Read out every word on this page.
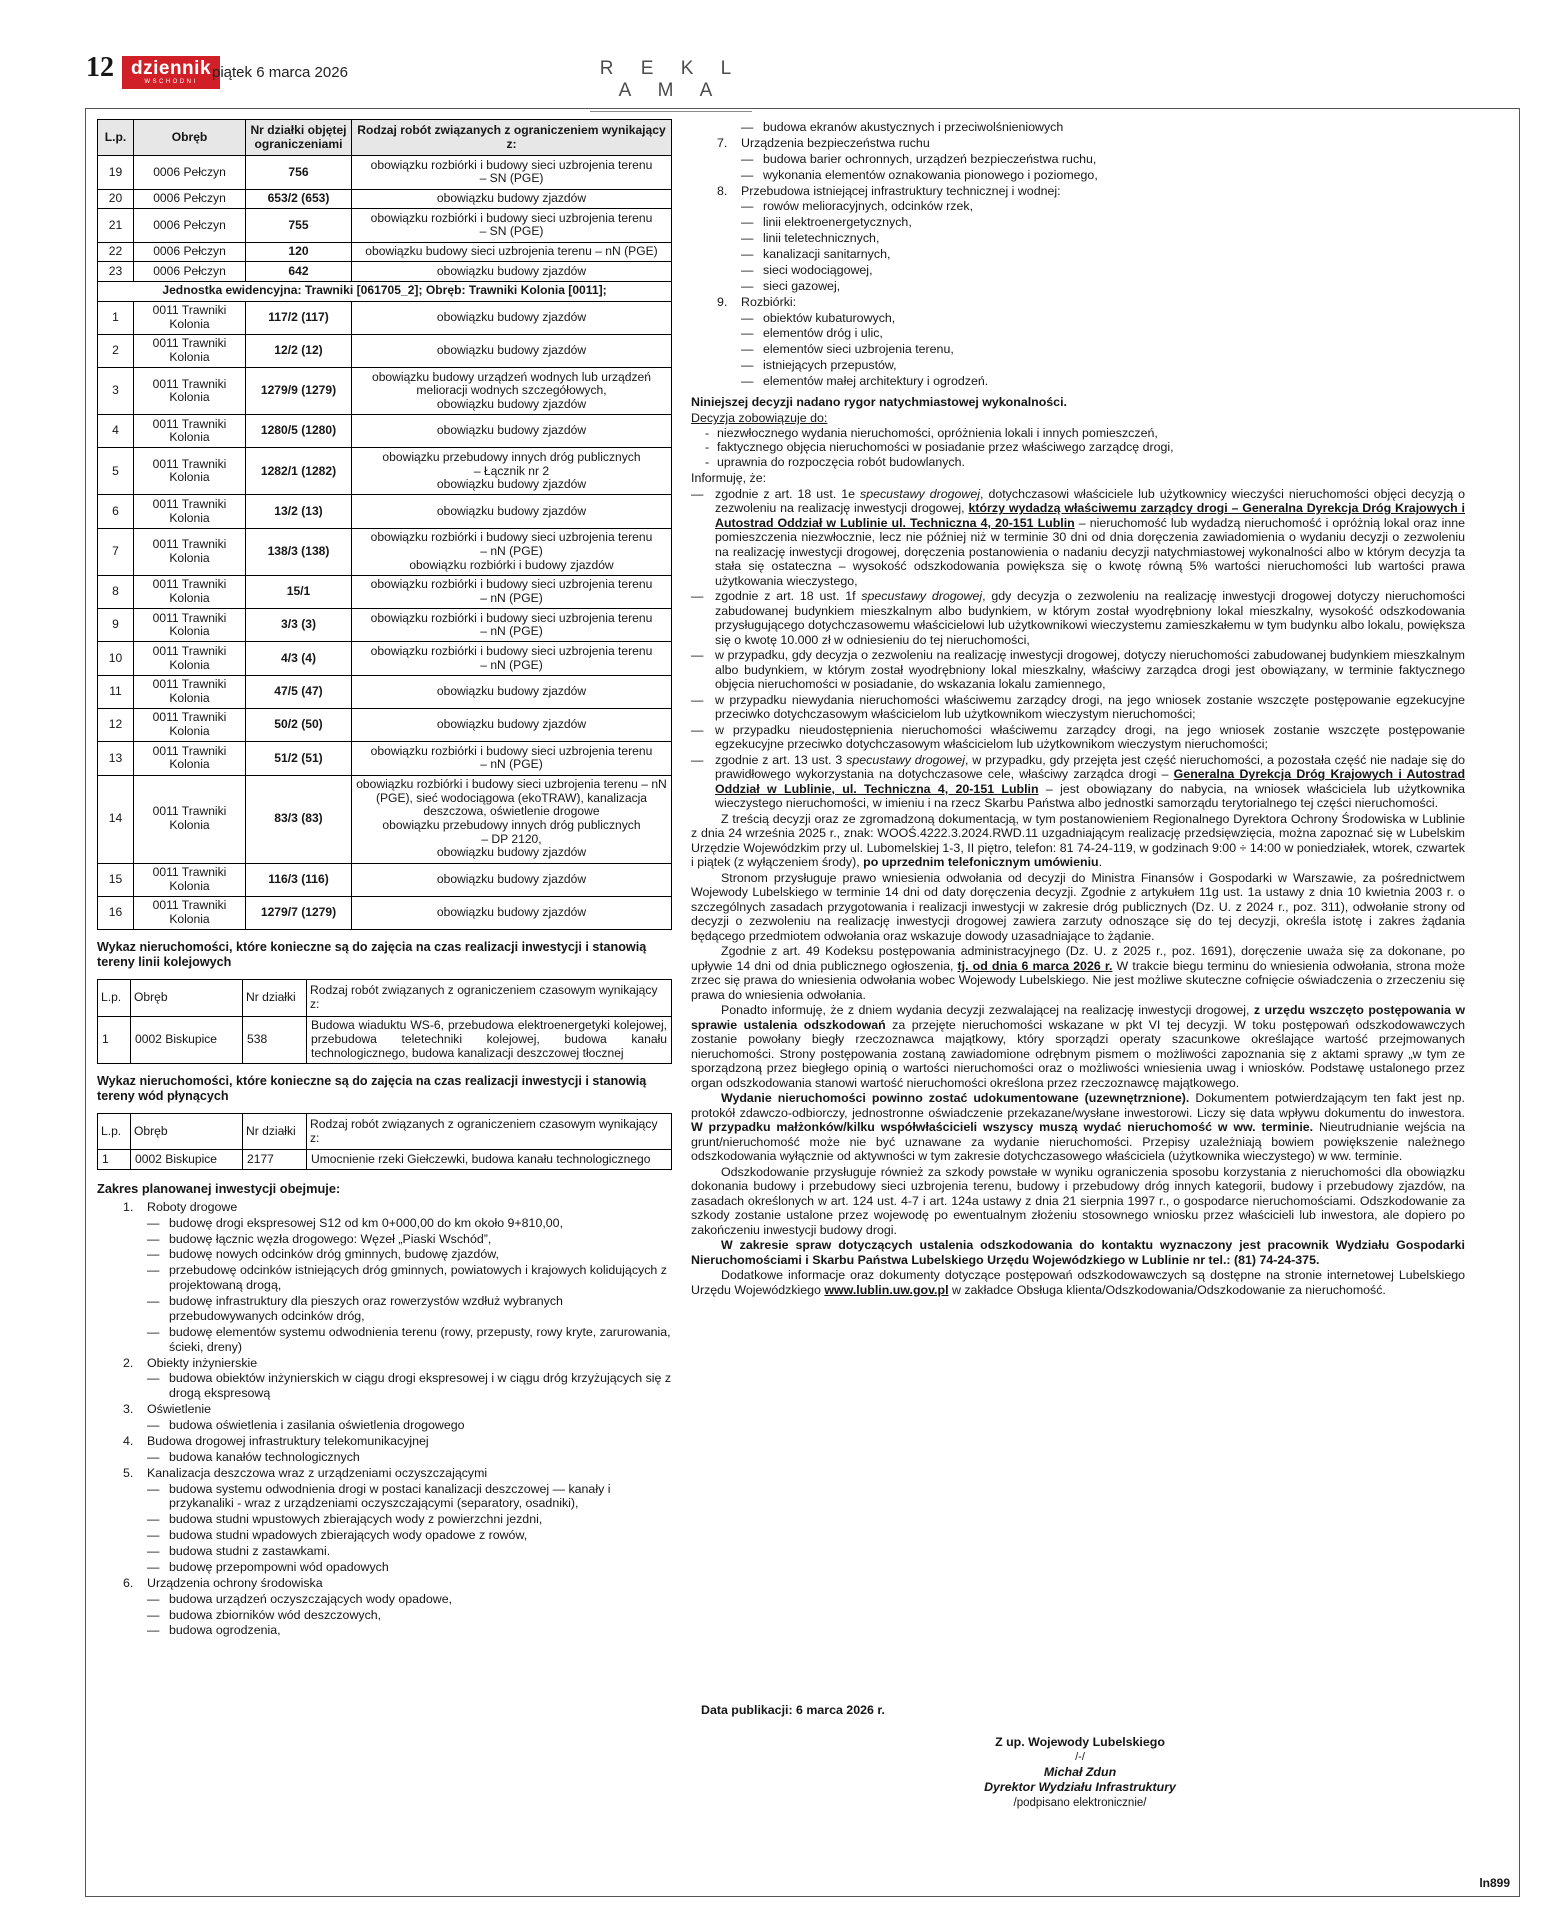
12 dziennik
WSCHODNI
piątek 6 marca 2026	R E K L A M A
L.p.	Obręb	Nr działki objętej ograniczeniami	Rodzaj robót związanych z ograniczeniem wynikający z:
19	0006 Pełczyn	756	obowiązku rozbiórki i budowy sieci uzbrojenia terenu
– SN (PGE)
20	0006 Pełczyn	653/2 (653)	obowiązku budowy zjazdów
21	0006 Pełczyn	755	obowiązku rozbiórki i budowy sieci uzbrojenia terenu
– SN (PGE)
22	0006 Pełczyn	120	obowiązku budowy sieci uzbrojenia terenu – nN (PGE)
23	0006 Pełczyn	642	obowiązku budowy zjazdów
Jednostka ewidencyjna: Trawniki [061705_2]; Obręb: Trawniki Kolonia [0011];			
1	0011 Trawniki Kolonia	117/2 (117)	obowiązku budowy zjazdów
2	0011 Trawniki Kolonia	12/2 (12)	obowiązku budowy zjazdów
3	0011 Trawniki Kolonia	1279/9 (1279)	obowiązku budowy urządzeń wodnych lub urządzeń melioracji wodnych szczegółowych,
obowiązku budowy zjazdów
4	0011 Trawniki Kolonia	1280/5 (1280)	obowiązku budowy zjazdów
5	0011 Trawniki Kolonia	1282/1 (1282)	obowiązku przebudowy innych dróg publicznych
– Łącznik nr 2
obowiązku budowy zjazdów
6	0011 Trawniki Kolonia	13/2 (13)	obowiązku budowy zjazdów
7	0011 Trawniki Kolonia	138/3 (138)	obowiązku rozbiórki i budowy sieci uzbrojenia terenu
– nN (PGE)
obowiązku rozbiórki i budowy zjazdów
8	0011 Trawniki Kolonia	15/1	obowiązku rozbiórki i budowy sieci uzbrojenia terenu
– nN (PGE)
9	0011 Trawniki Kolonia	3/3 (3)	obowiązku rozbiórki i budowy sieci uzbrojenia terenu
– nN (PGE)
10	0011 Trawniki Kolonia	4/3 (4)	obowiązku rozbiórki i budowy sieci uzbrojenia terenu
– nN (PGE)
11	0011 Trawniki Kolonia	47/5 (47)	obowiązku budowy zjazdów
12	0011 Trawniki Kolonia	50/2 (50)	obowiązku budowy zjazdów
13	0011 Trawniki Kolonia	51/2 (51)	obowiązku rozbiórki i budowy sieci uzbrojenia terenu
– nN (PGE)
14	0011 Trawniki Kolonia	83/3 (83)	obowiązku rozbiórki i budowy sieci uzbrojenia terenu – nN (PGE), sieć wodociągowa (ekoTRAW), kanalizacja deszczowa, oświetlenie drogowe
obowiązku przebudowy innych dróg publicznych
– DP 2120,
obowiązku budowy zjazdów
15	0011 Trawniki Kolonia	116/3 (116)	obowiązku budowy zjazdów
16	0011 Trawniki Kolonia	1279/7 (1279)	obowiązku budowy zjazdów
Wykaz nieruchomości, które konieczne są do zajęcia na czas realizacji inwestycji i stanowią tereny linii kolejowych
L.p.	Obręb	Nr działki	Rodzaj robót związanych z ograniczeniem czasowym wynikający z:
1	0002 Biskupice	538	Budowa wiaduktu WS-6, przebudowa elektroenergetyki kolejowej, przebudowa teletechniki kolejowej, budowa kanału technologicznego, budowa kanalizacji deszczowej tłocznej
Wykaz nieruchomości, które konieczne są do zajęcia na czas realizacji inwestycji i stanowią tereny wód płynących
L.p.	Obręb	Nr działki	Rodzaj robót związanych z ograniczeniem czasowym wynikający z:
1	0002 Biskupice	2177	Umocnienie rzeki Giełczewki, budowa kanału technologicznego
Zakres planowanej inwestycji obejmuje:
1.	Roboty drogowe
— budowę drogi ekspresowej S12 od km 0+000,00 do km około 9+810,00,
— budowę łącznic węzła drogowego: Węzeł „Piaski Wschód”,
— budowę nowych odcinków dróg gminnych, budowę zjazdów,
— przebudowę odcinków istniejących dróg gminnych, powiatowych i krajowych kolidujących z projektowaną drogą,
— budowę infrastruktury dla pieszych oraz rowerzystów wzdłuż wybranych przebudowywanych odcinków dróg,
— budowę elementów systemu odwodnienia terenu (rowy, przepusty, rowy kryte, zarurowania, ścieki, dreny)
2.	Obiekty inżynierskie
— budowa obiektów inżynierskich w ciągu drogi ekspresowej i w ciągu dróg krzyżujących się z drogą ekspresową
3.	Oświetlenie
— budowa oświetlenia i zasilania oświetlenia drogowego
4.	Budowa drogowej infrastruktury telekomunikacyjnej
— budowa kanałów technologicznych
5.	Kanalizacja deszczowa wraz z urządzeniami oczyszczającymi
— budowa systemu odwodnienia drogi w postaci kanalizacji deszczowej — kanały i przykanaliki - wraz z urządzeniami oczyszczającymi (separatory, osadniki),
— budowa studni wpustowych zbierających wody z powierzchni jezdni,
— budowa studni wpadowych zbierających wody opadowe z rowów,
— budowa studni z zastawkami.
— budowę przepompowni wód opadowych
6.	Urządzenia ochrony środowiska
— budowa urządzeń oczyszczających wody opadowe,
— budowa zbiorników wód deszczowych,
— budowa ogrodzenia,
— budowa ekranów akustycznych i przeciwolśnieniowych
7.	Urządzenia bezpieczeństwa ruchu
— budowa barier ochronnych, urządzeń bezpieczeństwa ruchu,
— wykonania elementów oznakowania pionowego i poziomego,
8.	Przebudowa istniejącej infrastruktury technicznej i wodnej:
— rowów melioracyjnych, odcinków rzek,
— linii elektroenergetycznych,
— linii teletechnicznych,
— kanalizacji sanitarnych,
— sieci wodociągowej,
— sieci gazowej,
9.	Rozbiórki:
— obiektów kubaturowych,
— elementów dróg i ulic,
— elementów sieci uzbrojenia terenu,
— istniejących przepustów,
— elementów małej architektury i ogrodzeń.

Niniejszej decyzji nadano rygor natychmiastowej wykonalności.

Decyzja zobowiązuje do:

- niezwłocznego wydania nieruchomości, opróżnienia lokali i innych pomieszczeń,
- faktycznego objęcia nieruchomości w posiadanie przez właściwego zarządcę drogi,
- uprawnia do rozpoczęcia robót budowlanych.

Informuję, że:

— zgodnie z art. 18 ust. 1e specustawy drogowej, dotychczasowi właściciele lub użytkownicy wieczyści nieruchomości objęci decyzją o zezwoleniu na realizację inwestycji drogowej, którzy wydadzą właściwemu zarządcy drogi – Generalna Dyrekcja Dróg Krajowych i Autostrad Oddział w Lublinie ul. Techniczna 4, 20-151 Lublin – nieruchomość lub wydadzą nieruchomość i opróżnią lokal oraz inne pomieszczenia niezwłocznie, lecz nie później niż w terminie 30 dni od dnia doręczenia zawiadomienia o wydaniu decyzji o zezwoleniu na realizację inwestycji drogowej, doręczenia postanowienia o nadaniu decyzji natychmiastowej wykonalności albo w którym decyzja ta stała się ostateczna – wysokość odszkodowania powiększa się o kwotę równą 5% wartości nieruchomości lub wartości prawa użytkowania wieczystego,
— zgodnie z art. 18 ust. 1f specustawy drogowej, gdy decyzja o zezwoleniu na realizację inwestycji drogowej dotyczy nieruchomości zabudowanej budynkiem mieszkalnym albo budynkiem, w którym został wyodrębniony lokal mieszkalny, wysokość odszkodowania przysługującego dotychczasowemu właścicielowi lub użytkownikowi wieczystemu zamieszkałemu w tym budynku albo lokalu, powiększa się o kwotę 10.000 zł w odniesieniu do tej nieruchomości,
— w przypadku, gdy decyzja o zezwoleniu na realizację inwestycji drogowej, dotyczy nieruchomości zabudowanej budynkiem mieszkalnym albo budynkiem, w którym został wyodrębniony lokal mieszkalny, właściwy zarządca drogi jest obowiązany, w terminie faktycznego objęcia nieruchomości w posiadanie, do wskazania lokalu zamiennego,
— w przypadku niewydania nieruchomości właściwemu zarządcy drogi, na jego wniosek zostanie wszczęte postępowanie egzekucyjne przeciwko dotychczasowym właścicielom lub użytkownikom wieczystym nieruchomości;
— w przypadku nieudostępnienia nieruchomości właściwemu zarządcy drogi, na jego wniosek zostanie wszczęte postępowanie egzekucyjne przeciwko dotychczasowym właścicielom lub użytkownikom wieczystym nieruchomości;
— zgodnie z art. 13 ust. 3 specustawy drogowej, w przypadku, gdy przejęta jest część nieruchomości, a pozostała część nie nadaje się do prawidłowego wykorzystania na dotychczasowe cele, właściwy zarządca drogi – Generalna Dyrekcja Dróg Krajowych i Autostrad Oddział w Lublinie, ul. Techniczna 4, 20-151 Lublin – jest obowiązany do nabycia, na wniosek właściciela lub użytkownika wieczystego nieruchomości, w imieniu i na rzecz Skarbu Państwa albo jednostki samorządu terytorialnego tej części nieruchomości.

Z treścią decyzji oraz ze zgromadzoną dokumentacją, w tym postanowieniem Regionalnego Dyrektora Ochrony Środowiska w Lublinie z dnia 24 września 2025 r., znak: WOOŚ.4222.3.2024.RWD.11 uzgadniającym realizację przedsięwzięcia, można zapoznać się w Lubelskim Urzędzie Wojewódzkim przy ul. Lubomelskiej 1-3, II piętro, telefon: 81 74-24-119, w godzinach 9:00 ÷ 14:00 w poniedziałek, wtorek, czwartek i piątek (z wyłączeniem środy), po uprzednim telefonicznym umówieniu.

Stronom przysługuje prawo wniesienia odwołania od decyzji do Ministra Finansów i Gospodarki w Warszawie, za pośrednictwem Wojewody Lubelskiego w terminie 14 dni od daty doręczenia decyzji. Zgodnie z artykułem 11g ust. 1a ustawy z dnia 10 kwietnia 2003 r. o szczególnych zasadach przygotowania i realizacji inwestycji w zakresie dróg publicznych (Dz. U. z 2024 r., poz. 311), odwołanie strony od decyzji o zezwoleniu na realizację inwestycji drogowej zawiera zarzuty odnoszące się do tej decyzji, określa istotę i zakres żądania będącego przedmiotem odwołania oraz wskazuje dowody uzasadniające to żądanie.

Zgodnie z art. 49 Kodeksu postępowania administracyjnego (Dz. U. z 2025 r., poz. 1691), doręczenie uważa się za dokonane, po upływie 14 dni od dnia publicznego ogłoszenia, tj. od dnia 6 marca 2026 r. W trakcie biegu terminu do wniesienia odwołania, strona może zrzec się prawa do wniesienia odwołania wobec Wojewody Lubelskiego. Nie jest możliwe skuteczne cofnięcie oświadczenia o zrzeczeniu się prawa do wniesienia odwołania.

Ponadto informuję, że z dniem wydania decyzji zezwalającej na realizację inwestycji drogowej, z urzędu wszczęto postępowania w sprawie ustalenia odszkodowań za przejęte nieruchomości wskazane w pkt VI tej decyzji. W toku postępowań odszkodowawczych zostanie powołany biegły rzeczoznawca majątkowy, który sporządzi operaty szacunkowe określające wartość przejmowanych nieruchomości. Strony postępowania zostaną zawiadomione odrębnym pismem o możliwości zapoznania się z aktami sprawy „w tym ze sporządzoną przez biegłego opinią o wartości nieruchomości oraz o możliwości wniesienia uwag i wniosków. Podstawę ustalonego przez organ odszkodowania stanowi wartość nieruchomości określona przez rzeczoznawcę majątkowego.

Wydanie nieruchomości powinno zostać udokumentowane (uzewnętrznione). Dokumentem potwierdzającym ten fakt jest np. protokół zdawczo-odbiorczy, jednostronne oświadczenie przekazane/wysłane inwestorowi. Liczy się data wpływu dokumentu do inwestora. W przypadku małżonków/kilku współwłaścicieli wszyscy muszą wydać nieruchomość w ww. terminie. Nieutrudnianie wejścia na grunt/nieruchomość może nie być uznawane za wydanie nieruchomości. Przepisy uzależniają bowiem powiększenie należnego odszkodowania wyłącznie od aktywności w tym zakresie dotychczasowego właściciela (użytkownika wieczystego) w ww. terminie.

Odszkodowanie przysługuje również za szkody powstałe w wyniku ograniczenia sposobu korzystania z nieruchomości dla obowiązku dokonania budowy i przebudowy sieci uzbrojenia terenu, budowy i przebudowy dróg innych kategorii, budowy i przebudowy zjazdów, na zasadach określonych w art. 124 ust. 4-7 i art. 124a ustawy z dnia 21 sierpnia 1997 r., o gospodarce nieruchomościami. Odszkodowanie za szkody zostanie ustalone przez wojewodę po ewentualnym złożeniu stosownego wniosku przez właścicieli lub inwestora, ale dopiero po zakończeniu inwestycji budowy drogi.

W zakresie spraw dotyczących ustalenia odszkodowania do kontaktu wyznaczony jest pracownik Wydziału Gospodarki Nieruchomościami i Skarbu Państwa Lubelskiego Urzędu Wojewódzkiego w Lublinie nr tel.: (81) 74-24-375.

Dodatkowe informacje oraz dokumenty dotyczące postępowań odszkodowawczych są dostępne na stronie internetowej Lubelskiego Urzędu Wojewódzkiego www.lublin.uw.gov.pl w zakładce Obsługa klienta/Odszkodowania/Odszkodowanie za nieruchomość.

Data publikacji: 6 marca 2026 r.
Z up. Wojewody Lubelskiego
/-/
Michał Zdun
Dyrektor Wydziału Infrastruktury
/podpisano elektronicznie/
ln899
